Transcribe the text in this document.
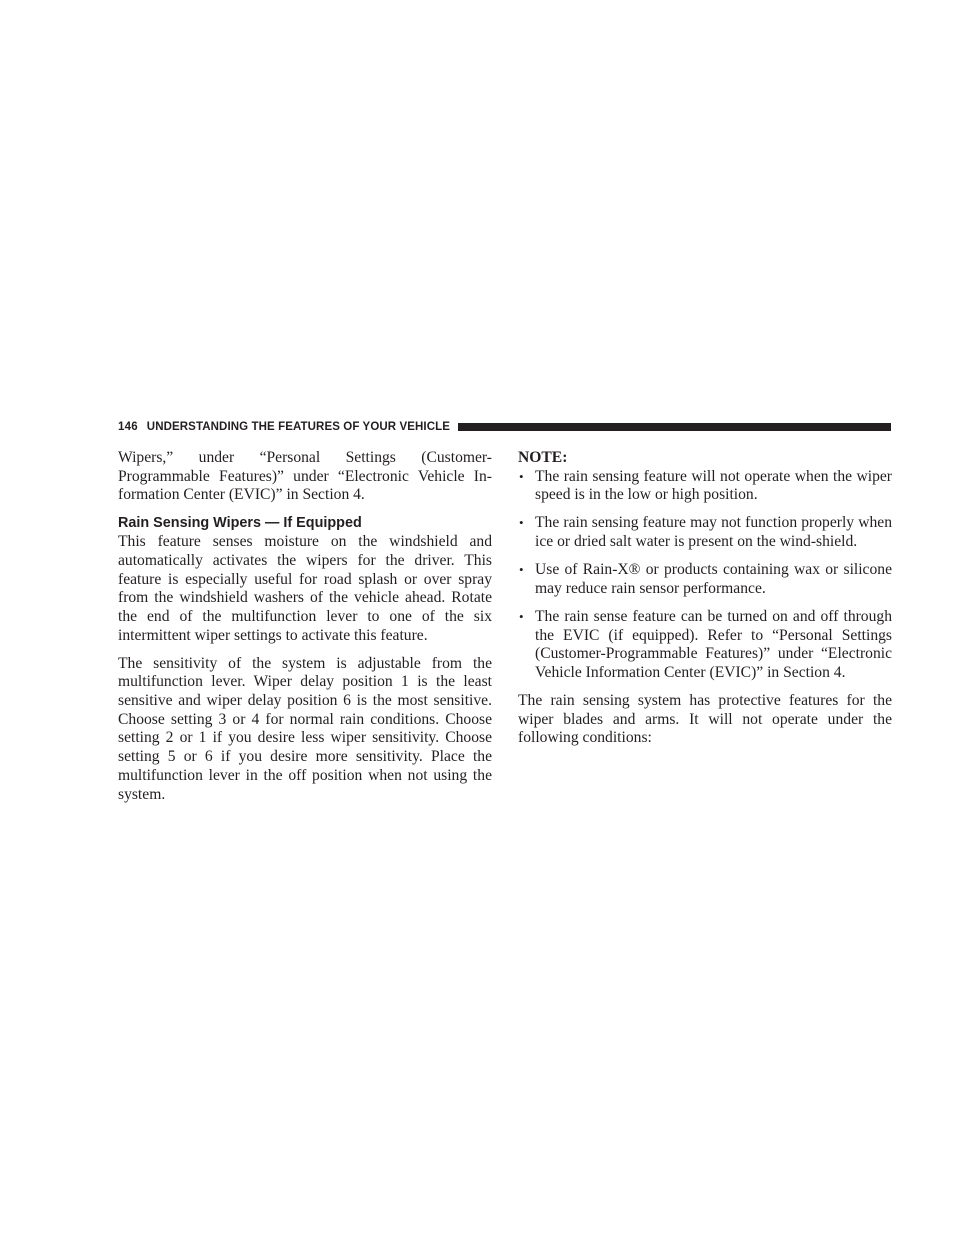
146 UNDERSTANDING THE FEATURES OF YOUR VEHICLE

Wipers,” under “Personal Settings (Customer-Programmable Features)” under “Electronic Vehicle In-formation Center (EVIC)” in Section 4.

Rain Sensing Wipers — If Equipped

This feature senses moisture on the windshield and automatically activates the wipers for the driver. This feature is especially useful for road splash or over spray from the windshield washers of the vehicle ahead. Rotate the end of the multifunction lever to one of the six intermittent wiper settings to activate this feature.

The sensitivity of the system is adjustable from the multifunction lever. Wiper delay position 1 is the least sensitive and wiper delay position 6 is the most sensitive. Choose setting 3 or 4 for normal rain conditions. Choose setting 2 or 1 if you desire less wiper sensitivity. Choose setting 5 or 6 if you desire more sensitivity. Place the multifunction lever in the off position when not using the system.

NOTE:
• The rain sensing feature will not operate when the wiper speed is in the low or high position.
• The rain sensing feature may not function properly when ice or dried salt water is present on the wind-shield.
• Use of Rain-X® or products containing wax or silicone may reduce rain sensor performance.
• The rain sense feature can be turned on and off through the EVIC (if equipped). Refer to “Personal Settings (Customer-Programmable Features)” under “Electronic Vehicle Information Center (EVIC)” in Section 4.

The rain sensing system has protective features for the wiper blades and arms. It will not operate under the following conditions:
